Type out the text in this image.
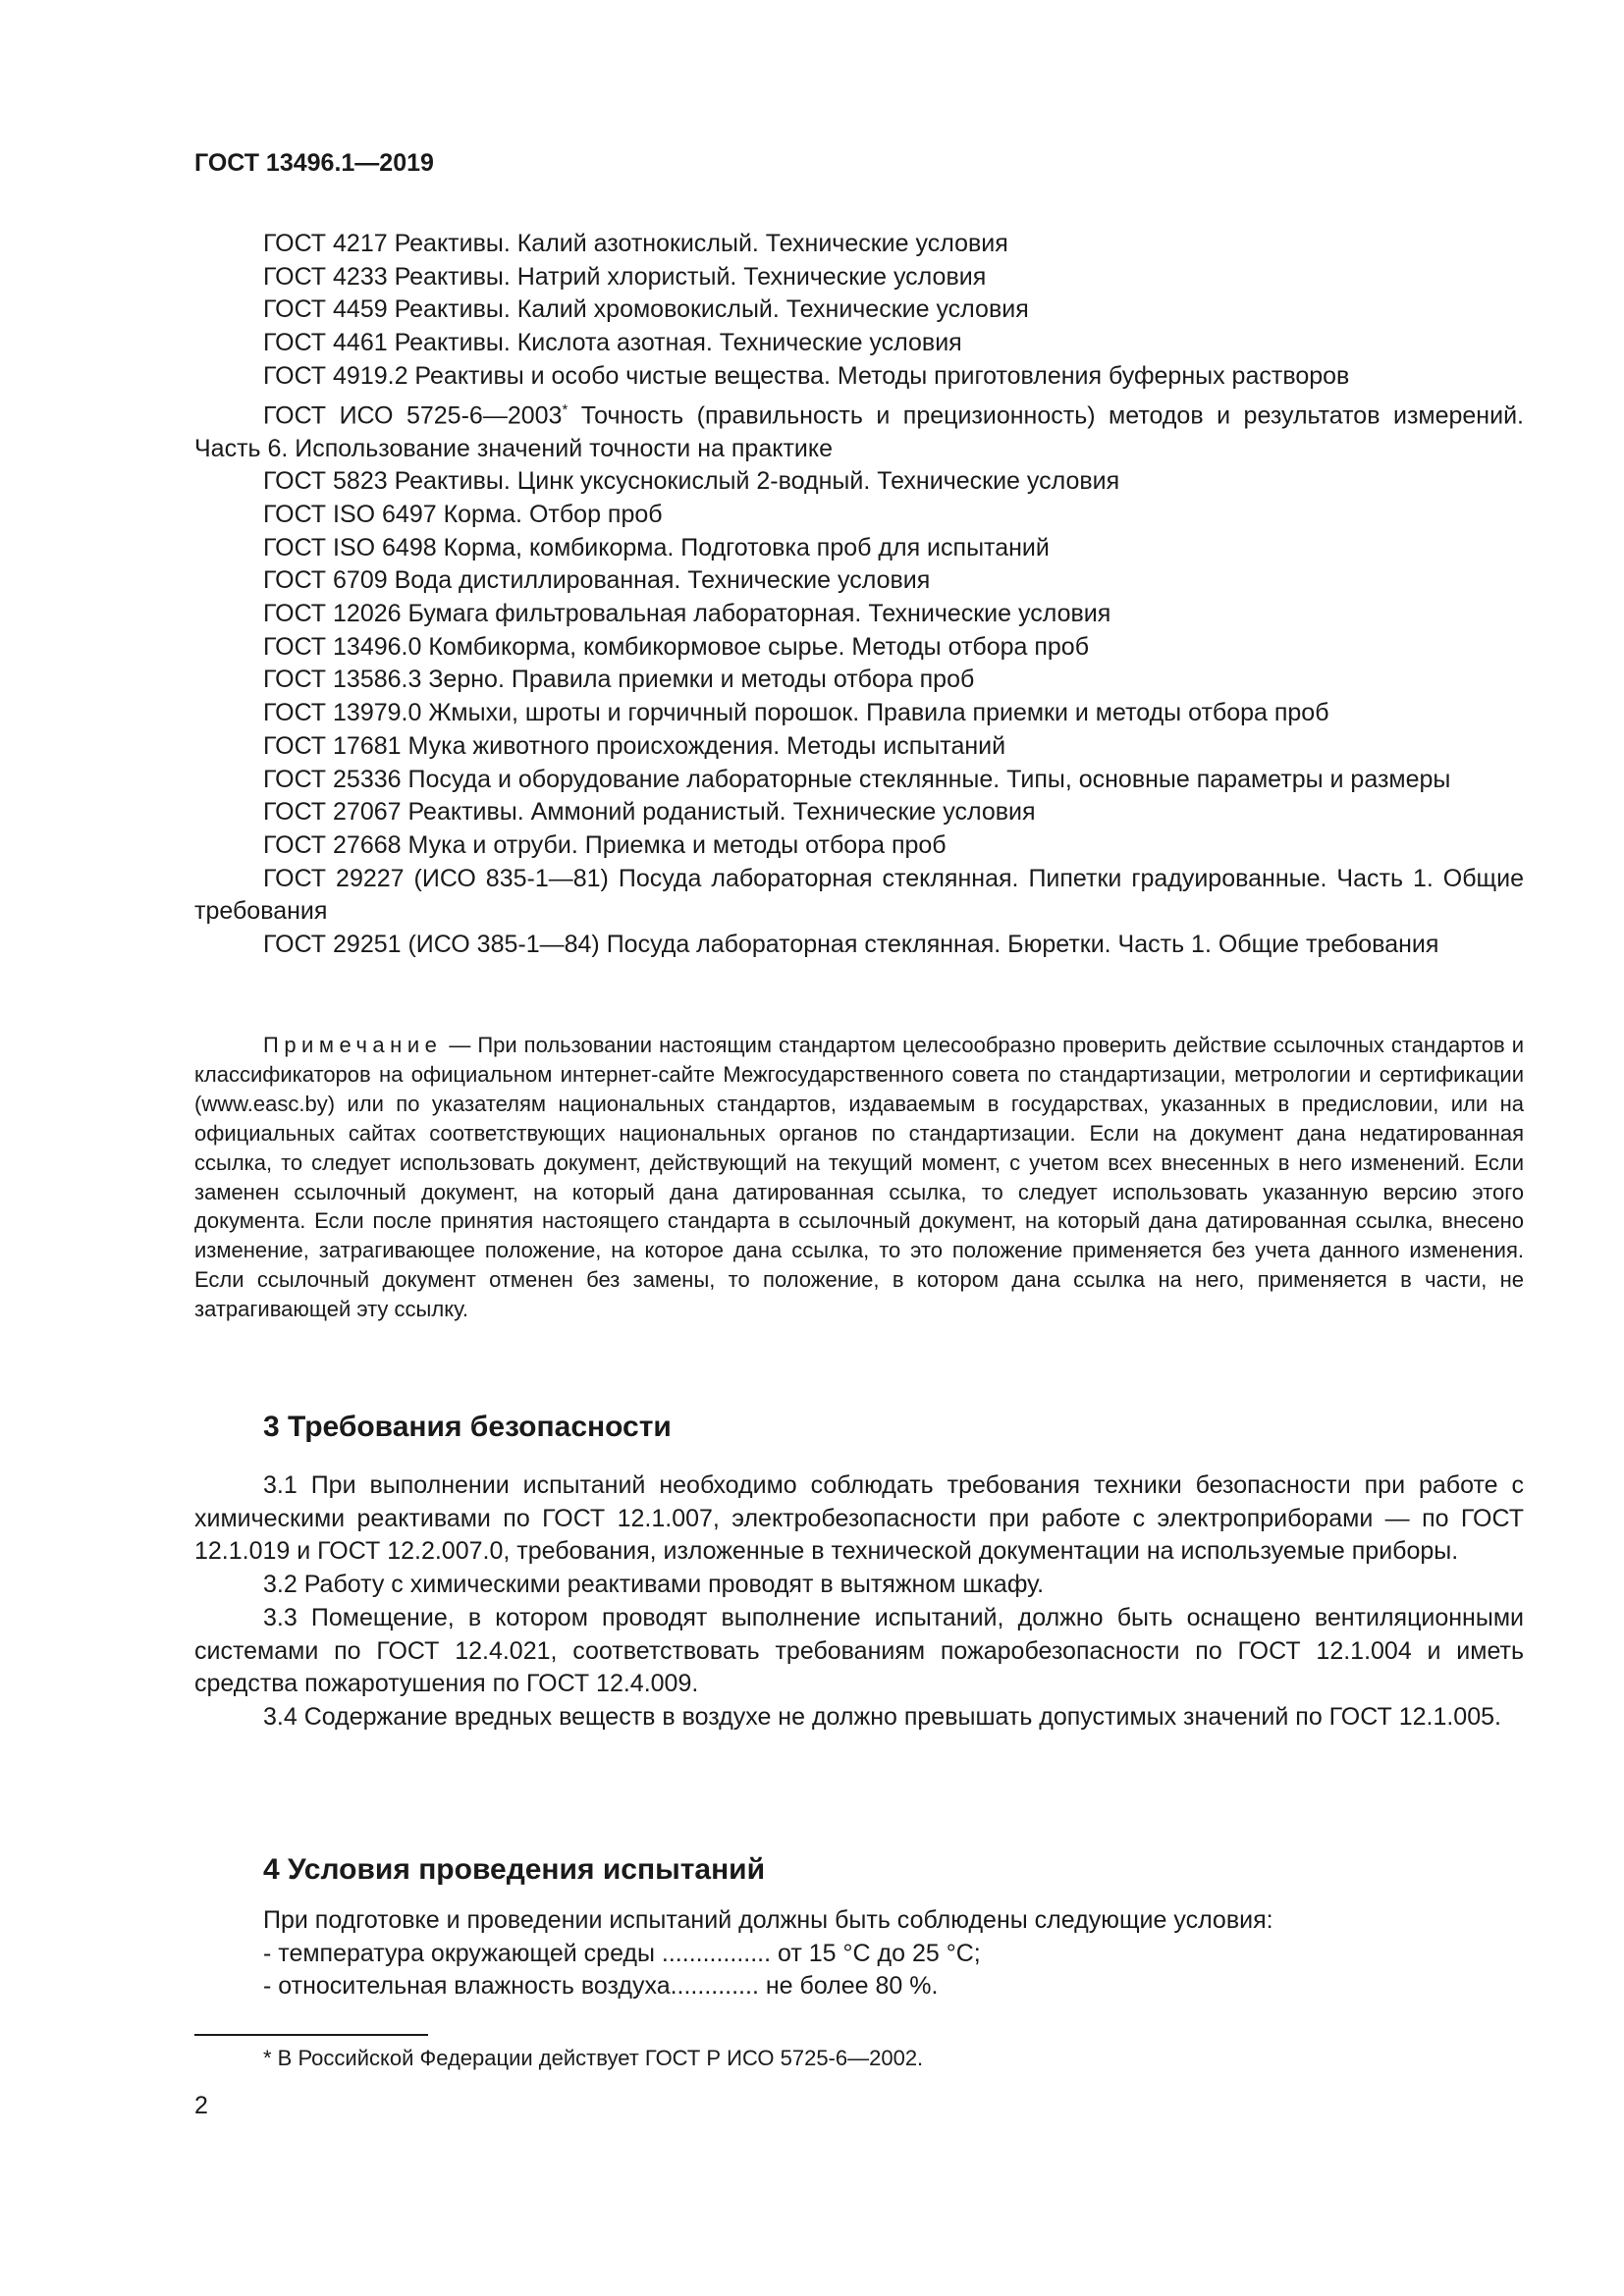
ГОСТ 13496.1—2019

ГОСТ 4217 Реактивы. Калий азотнокислый. Технические условия

ГОСТ 4233 Реактивы. Натрий хлористый. Технические условия

ГОСТ 4459 Реактивы. Калий хромовокислый. Технические условия

ГОСТ 4461 Реактивы. Кислота азотная. Технические условия

ГОСТ 4919.2 Реактивы и особо чистые вещества. Методы приготовления буферных растворов

ГОСТ ИСО 5725-6—2003* Точность (правильность и прецизионность) методов и результатов измерений. Часть 6. Использование значений точности на практике

ГОСТ 5823 Реактивы. Цинк уксуснокислый 2-водный. Технические условия

ГОСТ ISO 6497 Корма. Отбор проб

ГОСТ ISO 6498 Корма, комбикорма. Подготовка проб для испытаний

ГОСТ 6709 Вода дистиллированная. Технические условия

ГОСТ 12026 Бумага фильтровальная лабораторная. Технические условия

ГОСТ 13496.0 Комбикорма, комбикормовое сырье. Методы отбора проб

ГОСТ 13586.3 Зерно. Правила приемки и методы отбора проб

ГОСТ 13979.0 Жмыхи, шроты и горчичный порошок. Правила приемки и методы отбора проб

ГОСТ 17681 Мука животного происхождения. Методы испытаний

ГОСТ 25336 Посуда и оборудование лабораторные стеклянные. Типы, основные параметры и размеры

ГОСТ 27067 Реактивы. Аммоний роданистый. Технические условия

ГОСТ 27668 Мука и отруби. Приемка и методы отбора проб

ГОСТ 29227 (ИСО 835-1—81) Посуда лабораторная стеклянная. Пипетки градуированные. Часть 1. Общие требования

ГОСТ 29251 (ИСО 385-1—84) Посуда лабораторная стеклянная. Бюретки. Часть 1. Общие требования

Примечание — При пользовании настоящим стандартом целесообразно проверить действие ссылочных стандартов и классификаторов на официальном интернет-сайте Межгосударственного совета по стандартизации, метрологии и сертификации (www.easc.by) или по указателям национальных стандартов, издаваемым в государствах, указанных в предисловии, или на официальных сайтах соответствующих национальных органов по стандартизации. Если на документ дана недатированная ссылка, то следует использовать документ, действующий на текущий момент, с учетом всех внесенных в него изменений. Если заменен ссылочный документ, на который дана датированная ссылка, то следует использовать указанную версию этого документа. Если после принятия настоящего стандарта в ссылочный документ, на который дана датированная ссылка, внесено изменение, затрагивающее положение, на которое дана ссылка, то это положение применяется без учета данного изменения. Если ссылочный документ отменен без замены, то положение, в котором дана ссылка на него, применяется в части, не затрагивающей эту ссылку.

3 Требования безопасности

3.1 При выполнении испытаний необходимо соблюдать требования техники безопасности при работе с химическими реактивами по ГОСТ 12.1.007, электробезопасности при работе с электроприборами — по ГОСТ 12.1.019 и ГОСТ 12.2.007.0, требования, изложенные в технической документации на используемые приборы.

3.2 Работу с химическими реактивами проводят в вытяжном шкафу.

3.3 Помещение, в котором проводят выполнение испытаний, должно быть оснащено вентиляционными системами по ГОСТ 12.4.021, соответствовать требованиям пожаробезопасности по ГОСТ 12.1.004 и иметь средства пожаротушения по ГОСТ 12.4.009.

3.4 Содержание вредных веществ в воздухе не должно превышать допустимых значений по ГОСТ 12.1.005.

4 Условия проведения испытаний

При подготовке и проведении испытаний должны быть соблюдены следующие условия:

- температура окружающей среды ................ от 15 °С до 25 °С;

- относительная влажность воздуха............. не более 80 %.

* В Российской Федерации действует ГОСТ Р ИСО 5725-6—2002.

2
